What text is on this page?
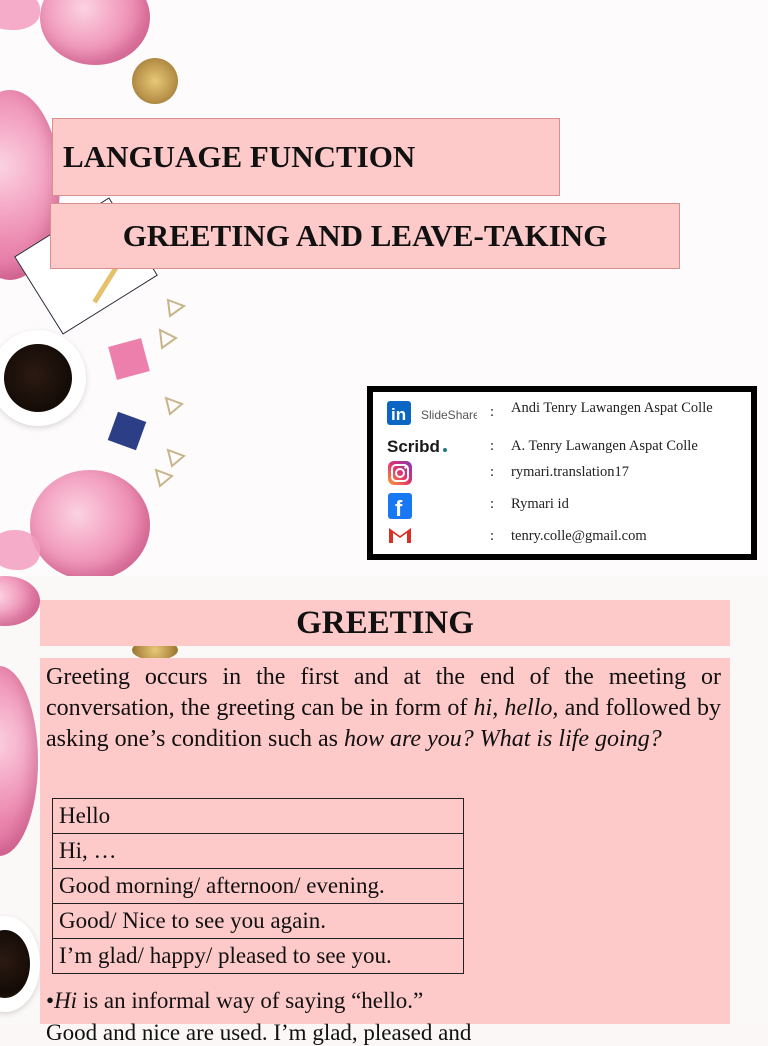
LANGUAGE FUNCTION
GREETING AND LEAVE-TAKING
in SlideShare : Andi Tenry Lawangen Aspat Colle
Scribd	: A. Tenry Lawangen Aspat Colle
: rymari.translation17
f	: Rymari id
: tenry.colle@gmail.com
GREETING
Greeting occurs in the first and at the end of the meeting or conversation, the greeting can be in form of hi, hello, and followed by asking one’s condition such as how are you? What is life going?
Hello
Hi, …
Good morning/ afternoon/ evening.
Good/ Nice to see you again.
I’m glad/ happy/ pleased to see you.
•Hi is an informal way of saying “hello.”
Good and nice are used. I’m glad, pleased and
